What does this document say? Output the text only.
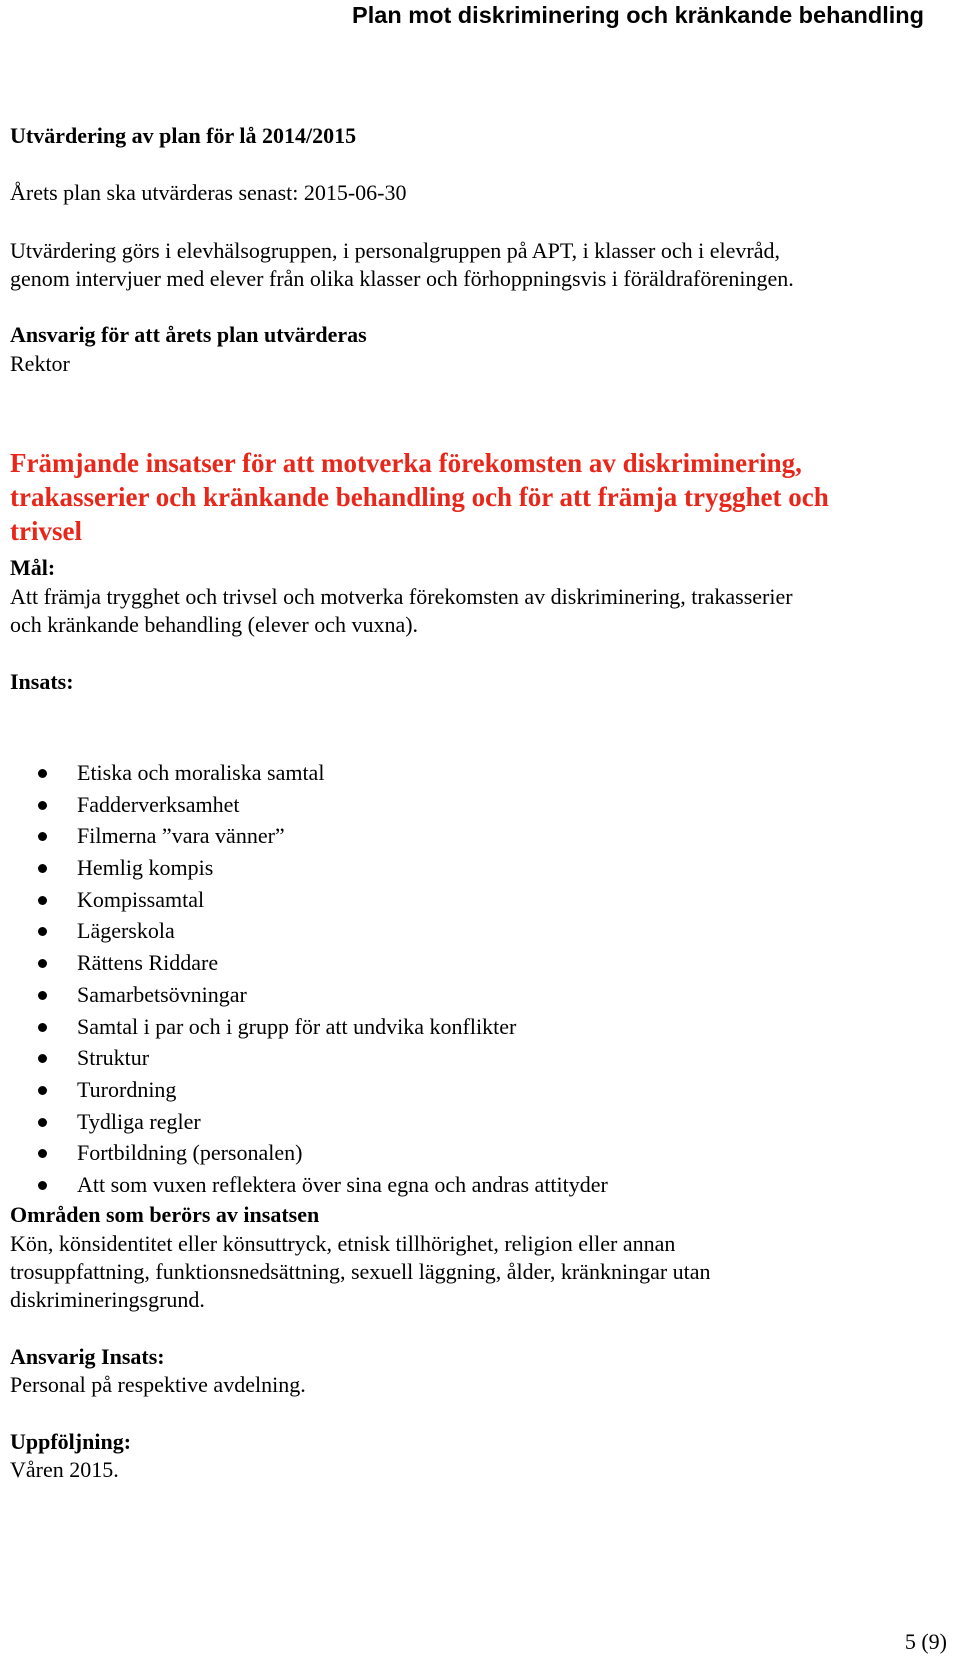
Plan mot diskriminering och kränkande behandling
Utvärdering av plan för lå 2014/2015
Årets plan ska utvärderas senast: 2015-06-30
Utvärdering görs i elevhälsogruppen, i personalgruppen på APT, i klasser och i elevråd,
genom intervjuer med elever från olika klasser och förhoppningsvis i föräldraföreningen.
Ansvarig för att årets plan utvärderas
Rektor
Främjande insatser för att motverka förekomsten av diskriminering,
trakasserier och kränkande behandling och för att främja trygghet och
trivsel
Mål:
Att främja trygghet och trivsel och motverka förekomsten av diskriminering, trakasserier
och kränkande behandling (elever och vuxna).
Insats:
Etiska och moraliska samtal
Fadderverksamhet
Filmerna ”vara vänner”
Hemlig kompis
Kompissamtal
Lägerskola
Rättens Riddare
Samarbetsövningar
Samtal i par och i grupp för att undvika konflikter
Struktur
Turordning
Tydliga regler
Fortbildning (personalen)
Att som vuxen reflektera över sina egna och andras attityder
Områden som berörs av insatsen
Kön, könsidentitet eller könsuttryck, etnisk tillhörighet, religion eller annan
trosuppfattning, funktionsnedsättning, sexuell läggning, ålder, kränkningar utan
diskrimineringsgrund.
Ansvarig Insats:
Personal på respektive avdelning.
Uppföljning:
Våren 2015.
5 (9)
